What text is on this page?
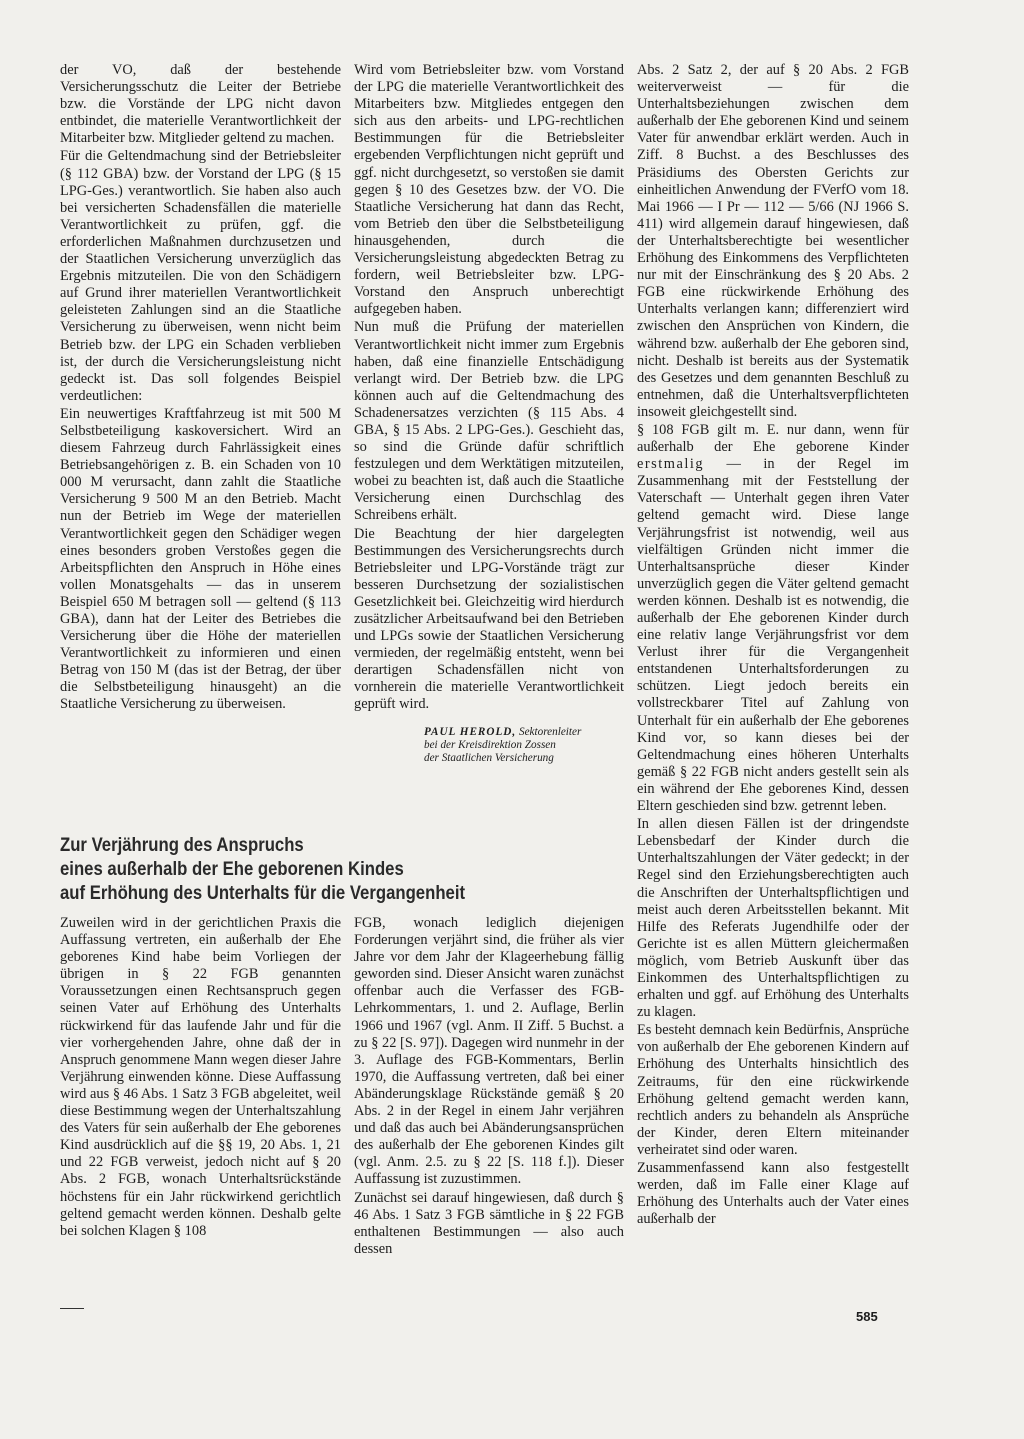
der VO, daß der bestehende Versicherungsschutz die Leiter der Betriebe bzw. die Vorstände der LPG nicht davon entbindet, die materielle Verantwortlichkeit der Mitarbeiter bzw. Mitglieder geltend zu machen.

Für die Geltendmachung sind der Betriebsleiter (§ 112 GBA) bzw. der Vorstand der LPG (§ 15 LPG-Ges.) verantwortlich. Sie haben also auch bei versicherten Schadensfällen die materielle Verantwortlichkeit zu prüfen, ggf. die erforderlichen Maßnahmen durchzusetzen und der Staatlichen Versicherung unverzüglich das Ergebnis mitzuteilen. Die von den Schädigern auf Grund ihrer materiellen Verantwortlichkeit geleisteten Zahlungen sind an die Staatliche Versicherung zu überweisen, wenn nicht beim Betrieb bzw. der LPG ein Schaden verblieben ist, der durch die Versicherungsleistung nicht gedeckt ist. Das soll folgendes Beispiel verdeutlichen:

Ein neuwertiges Kraftfahrzeug ist mit 500 M Selbstbeteiligung kaskoversichert. Wird an diesem Fahrzeug durch Fahrlässigkeit eines Betriebsangehörigen z. B. ein Schaden von 10 000 M verursacht, dann zahlt die Staatliche Versicherung 9 500 M an den Betrieb. Macht nun der Betrieb im Wege der materiellen Verantwortlichkeit gegen den Schädiger wegen eines besonders groben Verstoßes gegen die Arbeitspflichten den Anspruch in Höhe eines vollen Monatsgehalts — das in unserem Beispiel 650 M betragen soll — geltend (§ 113 GBA), dann hat der Leiter des Betriebes die Versicherung über die Höhe der materiellen Verantwortlichkeit zu informieren und einen Betrag von 150 M (das ist der Betrag, der über die Selbstbeteiligung hinausgeht) an die Staatliche Versicherung zu überweisen.

Wird vom Betriebsleiter bzw. vom Vorstand der LPG die materielle Verantwortlichkeit des Mitarbeiters bzw. Mitgliedes entgegen den sich aus den arbeits- und LPG-rechtlichen Bestimmungen für die Betriebsleiter ergebenden Verpflichtungen nicht geprüft und ggf. nicht durchgesetzt, so verstoßen sie damit gegen § 10 des Gesetzes bzw. der VO. Die Staatliche Versicherung hat dann das Recht, vom Betrieb den über die Selbstbeteiligung hinausgehenden, durch die Versicherungsleistung abgedeckten Betrag zu fordern, weil Betriebsleiter bzw. LPG-Vorstand den Anspruch unberechtigt aufgegeben haben.

Nun muß die Prüfung der materiellen Verantwortlichkeit nicht immer zum Ergebnis haben, daß eine finanzielle Entschädigung verlangt wird. Der Betrieb bzw. die LPG können auch auf die Geltendmachung des Schadenersatzes verzichten (§ 115 Abs. 4 GBA, § 15 Abs. 2 LPG-Ges.). Geschieht das, so sind die Gründe dafür schriftlich festzulegen und dem Werktätigen mitzuteilen, wobei zu beachten ist, daß auch die Staatliche Versicherung einen Durchschlag des Schreibens erhält.

Die Beachtung der hier dargelegten Bestimmungen des Versicherungsrechts durch Betriebsleiter und LPG-Vorstände trägt zur besseren Durchsetzung der sozialistischen Gesetzlichkeit bei. Gleichzeitig wird hierdurch zusätzlicher Arbeitsaufwand bei den Betrieben und LPGs sowie der Staatlichen Versicherung vermieden, der regelmäßig entsteht, wenn bei derartigen Schadensfällen nicht von vornherein die materielle Verantwortlichkeit geprüft wird.

PAUL HEROLD, Sektorenleiter
bei der Kreisdirektion Zossen
der Staatlichen Versicherung

Abs. 2 Satz 2, der auf § 20 Abs. 2 FGB weiterverweist — für die Unterhaltsbeziehungen zwischen dem außerhalb der Ehe geborenen Kind und seinem Vater für anwendbar erklärt werden. Auch in Ziff. 8 Buchst. a des Beschlusses des Präsidiums des Obersten Gerichts zur einheitlichen Anwendung der FVerfO vom 18. Mai 1966 — I Pr — 112 — 5/66 (NJ 1966 S. 411) wird allgemein darauf hingewiesen, daß der Unterhaltsberechtigte bei wesentlicher Erhöhung des Einkommens des Verpflichteten nur mit der Einschränkung des § 20 Abs. 2 FGB eine rückwirkende Erhöhung des Unterhalts verlangen kann; differenziert wird zwischen den Ansprüchen von Kindern, die während bzw. außerhalb der Ehe geboren sind, nicht. Deshalb ist bereits aus der Systematik des Gesetzes und dem genannten Beschluß zu entnehmen, daß die Unterhaltsverpflichteten insoweit gleichgestellt sind.

§ 108 FGB gilt m. E. nur dann, wenn für außerhalb der Ehe geborene Kinder erstmalig — in der Regel im Zusammenhang mit der Feststellung der Vaterschaft — Unterhalt gegen ihren Vater geltend gemacht wird. Diese lange Verjährungsfrist ist notwendig, weil aus vielfältigen Gründen nicht immer die Unterhaltsansprüche dieser Kinder unverzüglich gegen die Väter geltend gemacht werden können. Deshalb ist es notwendig, die außerhalb der Ehe geborenen Kinder durch eine relativ lange Verjährungsfrist vor dem Verlust ihrer für die Vergangenheit entstandenen Unterhaltsforderungen zu schützen. Liegt jedoch bereits ein vollstreckbarer Titel auf Zahlung von Unterhalt für ein außerhalb der Ehe geborenes Kind vor, so kann dieses bei der Geltendmachung eines höheren Unterhalts gemäß § 22 FGB nicht anders gestellt sein als ein während der Ehe geborenes Kind, dessen Eltern geschieden sind bzw. getrennt leben.

In allen diesen Fällen ist der dringendste Lebensbedarf der Kinder durch die Unterhaltszahlungen der Väter gedeckt; in der Regel sind den Erziehungsberechtigten auch die Anschriften der Unterhaltspflichtigen und meist auch deren Arbeitsstellen bekannt. Mit Hilfe des Referats Jugendhilfe oder der Gerichte ist es allen Müttern gleichermaßen möglich, vom Betrieb Auskunft über das Einkommen des Unterhaltspflichtigen zu erhalten und ggf. auf Erhöhung des Unterhalts zu klagen.

Es besteht demnach kein Bedürfnis, Ansprüche von außerhalb der Ehe geborenen Kindern auf Erhöhung des Unterhalts hinsichtlich des Zeitraums, für den eine rückwirkende Erhöhung geltend gemacht werden kann, rechtlich anders zu behandeln als Ansprüche der Kinder, deren Eltern miteinander verheiratet sind oder waren.

Zusammenfassend kann also festgestellt werden, daß im Falle einer Klage auf Erhöhung des Unterhalts auch der Vater eines außerhalb der

Zur Verjährung des Anspruchs
eines außerhalb der Ehe geborenen Kindes
auf Erhöhung des Unterhalts für die Vergangenheit

Zuweilen wird in der gerichtlichen Praxis die Auffassung vertreten, ein außerhalb der Ehe geborenes Kind habe beim Vorliegen der übrigen in § 22 FGB genannten Voraussetzungen einen Rechtsanspruch gegen seinen Vater auf Erhöhung des Unterhalts rückwirkend für das laufende Jahr und für die vier vorhergehenden Jahre, ohne daß der in Anspruch genommene Mann wegen dieser Jahre Verjährung einwenden könne. Diese Auffassung wird aus § 46 Abs. 1 Satz 3 FGB abgeleitet, weil diese Bestimmung wegen der Unterhaltszahlung des Vaters für sein außerhalb der Ehe geborenes Kind ausdrücklich auf die §§ 19, 20 Abs. 1, 21 und 22 FGB verweist, jedoch nicht auf § 20 Abs. 2 FGB, wonach Unterhaltsrückstände höchstens für ein Jahr rückwirkend gerichtlich geltend gemacht werden können. Deshalb gelte bei solchen Klagen § 108

FGB, wonach lediglich diejenigen Forderungen verjährt sind, die früher als vier Jahre vor dem Jahr der Klageerhebung fällig geworden sind. Dieser Ansicht waren zunächst offenbar auch die Verfasser des FGB-Lehrkommentars, 1. und 2. Auflage, Berlin 1966 und 1967 (vgl. Anm. II Ziff. 5 Buchst. a zu § 22 [S. 97]). Dagegen wird nunmehr in der 3. Auflage des FGB-Kommentars, Berlin 1970, die Auffassung vertreten, daß bei einer Abänderungsklage Rückstände gemäß § 20 Abs. 2 in der Regel in einem Jahr verjähren und daß das auch bei Abänderungsansprüchen des außerhalb der Ehe geborenen Kindes gilt (vgl. Anm. 2.5. zu § 22 [S. 118 f.]). Dieser Auffassung ist zuzustimmen.

Zunächst sei darauf hingewiesen, daß durch § 46 Abs. 1 Satz 3 FGB sämtliche in § 22 FGB enthaltenen Bestimmungen — also auch dessen

585
